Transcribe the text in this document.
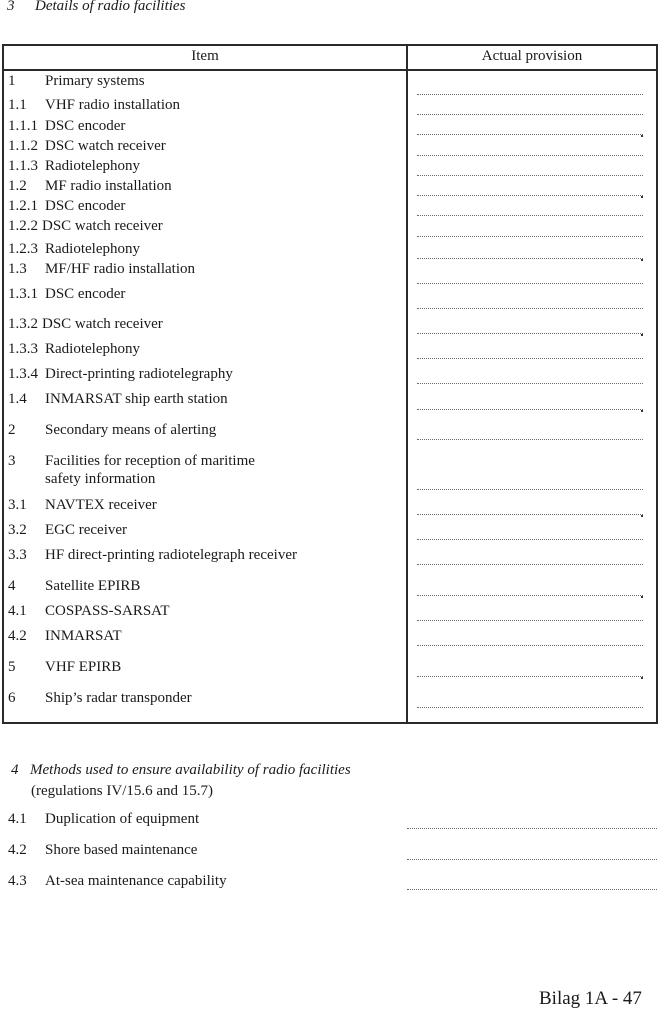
3 Details of radio facilities
Item	Actual provision
1 Primary systems
1.1 VHF radio installation
1.1.1 DSC encoder
1.1.2 DSC watch receiver
1.1.3 Radiotelephony
1.2 MF radio installation
1.2.1 DSC encoder
1.2.2 DSC watch receiver
1.2.3 Radiotelephony
1.3 MF/HF radio installation
1.3.1 DSC encoder
1.3.2 DSC watch receiver
1.3.3 Radiotelephony
1.3.4 Direct-printing radiotelegraphy
1.4 INMARSAT ship earth station
2 Secondary means of alerting
3 Facilities for reception of maritime
safety information
3.1 NAVTEX receiver
3.2 EGC receiver
3.3 HF direct-printing radiotelegraph receiver
4 Satellite EPIRB
4.1 COSPASS-SARSAT
4.2 INMARSAT
5 VHF EPIRB
6 Ship’s radar transponder
4 Methods used to ensure availability of radio facilities
(regulations IV/15.6 and 15.7)
4.1 Duplication of equipment
4.2 Shore based maintenance
4.3 At-sea maintenance capability
Bilag 1A - 47
